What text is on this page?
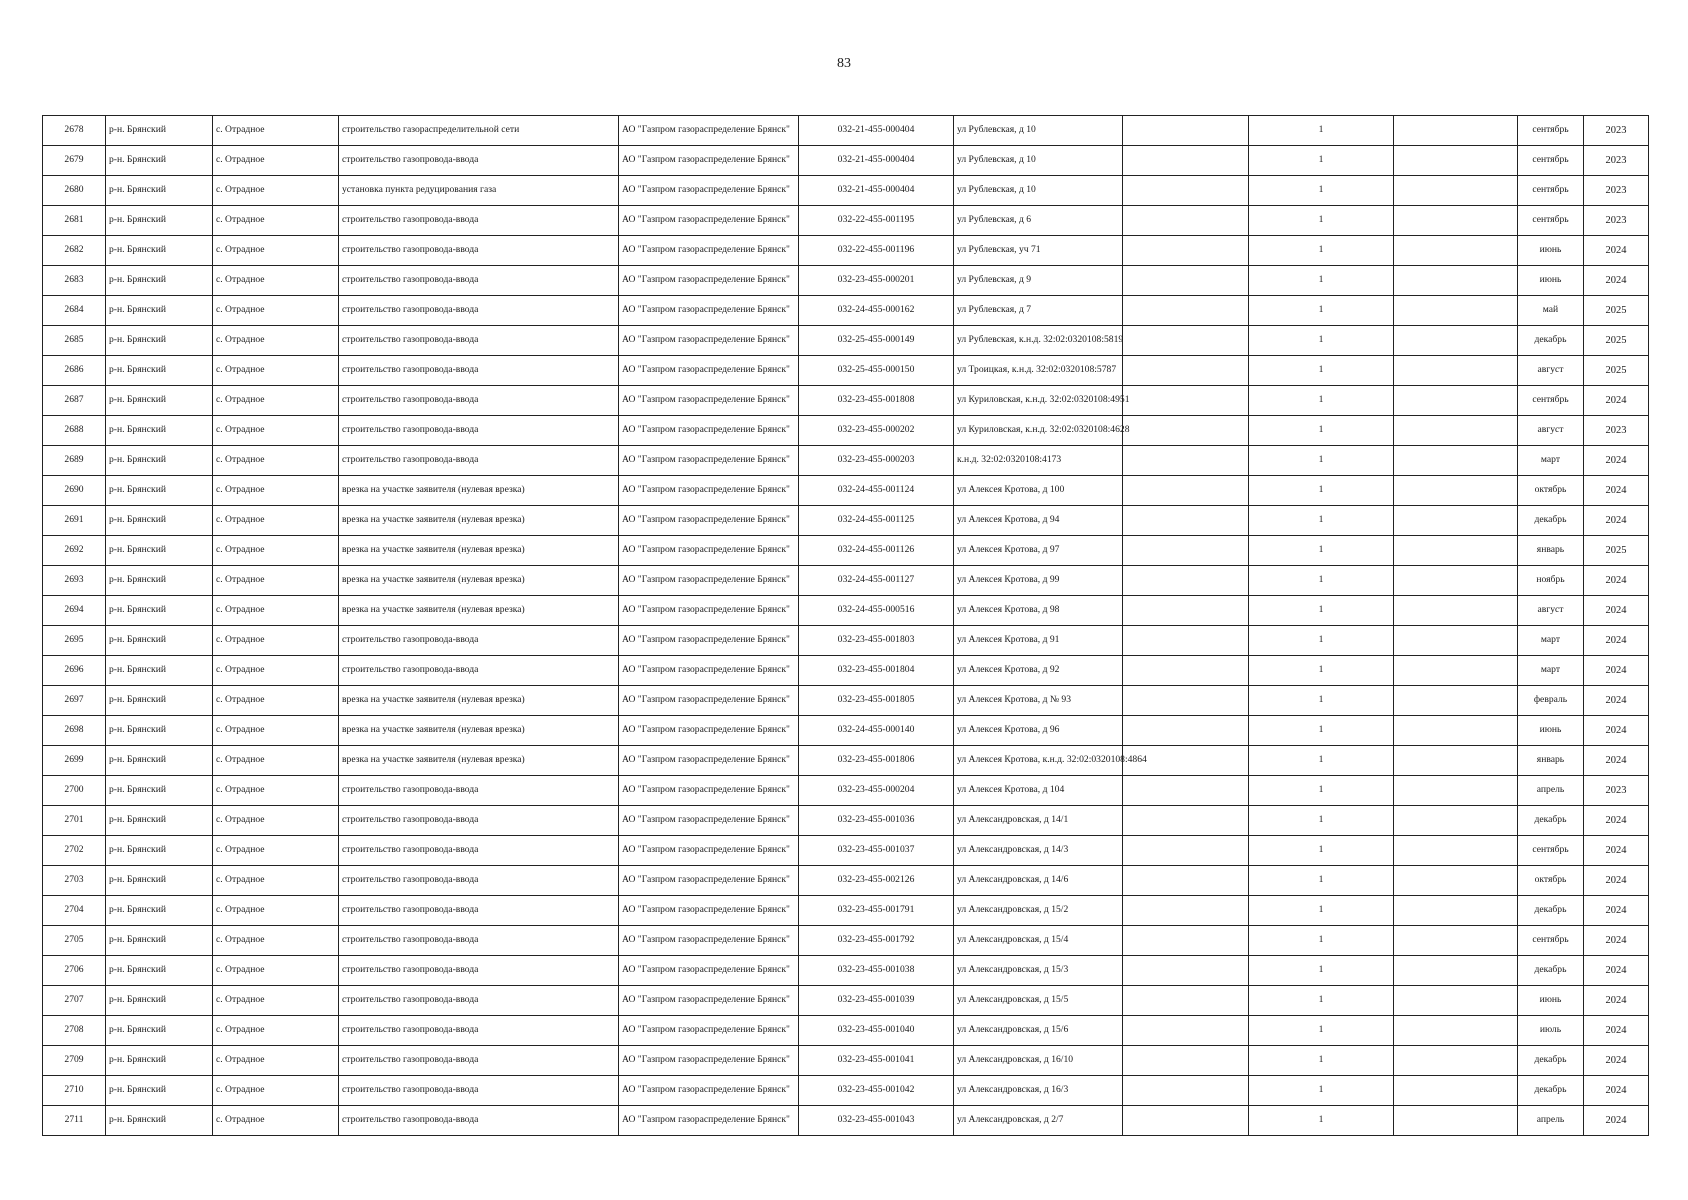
83
2678	р-н. Брянский	с. Отрадное	строительство газораспределительной сети	АО "Газпром газораспределение Брянск"	032-21-455-000404	ул Рублевская, д 10		1		сентябрь	2023
2679	р-н. Брянский	с. Отрадное	строительство газопровода-ввода	АО "Газпром газораспределение Брянск"	032-21-455-000404	ул Рублевская, д 10		1		сентябрь	2023
2680	р-н. Брянский	с. Отрадное	установка пункта редуцирования газа	АО "Газпром газораспределение Брянск"	032-21-455-000404	ул Рублевская, д 10		1		сентябрь	2023
2681	р-н. Брянский	с. Отрадное	строительство газопровода-ввода	АО "Газпром газораспределение Брянск"	032-22-455-001195	ул Рублевская, д 6		1		сентябрь	2023
2682	р-н. Брянский	с. Отрадное	строительство газопровода-ввода	АО "Газпром газораспределение Брянск"	032-22-455-001196	ул Рублевская, уч 71		1		июнь	2024
2683	р-н. Брянский	с. Отрадное	строительство газопровода-ввода	АО "Газпром газораспределение Брянск"	032-23-455-000201	ул Рублевская, д 9		1		июнь	2024
2684	р-н. Брянский	с. Отрадное	строительство газопровода-ввода	АО "Газпром газораспределение Брянск"	032-24-455-000162	ул Рублевская, д 7		1		май	2025
2685	р-н. Брянский	с. Отрадное	строительство газопровода-ввода	АО "Газпром газораспределение Брянск"	032-25-455-000149	ул Рублевская, к.н.д. 32:02:0320108:5819		1		декабрь	2025
2686	р-н. Брянский	с. Отрадное	строительство газопровода-ввода	АО "Газпром газораспределение Брянск"	032-25-455-000150	ул Троицкая, к.н.д. 32:02:0320108:5787		1		август	2025
2687	р-н. Брянский	с. Отрадное	строительство газопровода-ввода	АО "Газпром газораспределение Брянск"	032-23-455-001808	ул Куриловская, к.н.д. 32:02:0320108:4951		1		сентябрь	2024
2688	р-н. Брянский	с. Отрадное	строительство газопровода-ввода	АО "Газпром газораспределение Брянск"	032-23-455-000202	ул Куриловская, к.н.д. 32:02:0320108:4628		1		август	2023
2689	р-н. Брянский	с. Отрадное	строительство газопровода-ввода	АО "Газпром газораспределение Брянск"	032-23-455-000203	к.н.д. 32:02:0320108:4173		1		март	2024
2690	р-н. Брянский	с. Отрадное	врезка на участке заявителя (нулевая врезка)	АО "Газпром газораспределение Брянск"	032-24-455-001124	ул Алексея Кротова, д 100		1		октябрь	2024
2691	р-н. Брянский	с. Отрадное	врезка на участке заявителя (нулевая врезка)	АО "Газпром газораспределение Брянск"	032-24-455-001125	ул Алексея Кротова, д 94		1		декабрь	2024
2692	р-н. Брянский	с. Отрадное	врезка на участке заявителя (нулевая врезка)	АО "Газпром газораспределение Брянск"	032-24-455-001126	ул Алексея Кротова, д 97		1		январь	2025
2693	р-н. Брянский	с. Отрадное	врезка на участке заявителя (нулевая врезка)	АО "Газпром газораспределение Брянск"	032-24-455-001127	ул Алексея Кротова, д 99		1		ноябрь	2024
2694	р-н. Брянский	с. Отрадное	врезка на участке заявителя (нулевая врезка)	АО "Газпром газораспределение Брянск"	032-24-455-000516	ул Алексея Кротова, д 98		1		август	2024
2695	р-н. Брянский	с. Отрадное	строительство газопровода-ввода	АО "Газпром газораспределение Брянск"	032-23-455-001803	ул Алексея Кротова, д 91		1		март	2024
2696	р-н. Брянский	с. Отрадное	строительство газопровода-ввода	АО "Газпром газораспределение Брянск"	032-23-455-001804	ул Алексея Кротова, д 92		1		март	2024
2697	р-н. Брянский	с. Отрадное	врезка на участке заявителя (нулевая врезка)	АО "Газпром газораспределение Брянск"	032-23-455-001805	ул Алексея Кротова, д № 93		1		февраль	2024
2698	р-н. Брянский	с. Отрадное	врезка на участке заявителя (нулевая врезка)	АО "Газпром газораспределение Брянск"	032-24-455-000140	ул Алексея Кротова, д 96		1		июнь	2024
2699	р-н. Брянский	с. Отрадное	врезка на участке заявителя (нулевая врезка)	АО "Газпром газораспределение Брянск"	032-23-455-001806	ул Алексея Кротова, к.н.д. 32:02:0320108:4864		1		январь	2024
2700	р-н. Брянский	с. Отрадное	строительство газопровода-ввода	АО "Газпром газораспределение Брянск"	032-23-455-000204	ул Алексея Кротова, д 104		1		апрель	2023
2701	р-н. Брянский	с. Отрадное	строительство газопровода-ввода	АО "Газпром газораспределение Брянск"	032-23-455-001036	ул Александровская, д 14/1		1		декабрь	2024
2702	р-н. Брянский	с. Отрадное	строительство газопровода-ввода	АО "Газпром газораспределение Брянск"	032-23-455-001037	ул Александровская, д 14/3		1		сентябрь	2024
2703	р-н. Брянский	с. Отрадное	строительство газопровода-ввода	АО "Газпром газораспределение Брянск"	032-23-455-002126	ул Александровская, д 14/6		1		октябрь	2024
2704	р-н. Брянский	с. Отрадное	строительство газопровода-ввода	АО "Газпром газораспределение Брянск"	032-23-455-001791	ул Александровская, д 15/2		1		декабрь	2024
2705	р-н. Брянский	с. Отрадное	строительство газопровода-ввода	АО "Газпром газораспределение Брянск"	032-23-455-001792	ул Александровская, д 15/4		1		сентябрь	2024
2706	р-н. Брянский	с. Отрадное	строительство газопровода-ввода	АО "Газпром газораспределение Брянск"	032-23-455-001038	ул Александровская, д 15/3		1		декабрь	2024
2707	р-н. Брянский	с. Отрадное	строительство газопровода-ввода	АО "Газпром газораспределение Брянск"	032-23-455-001039	ул Александровская, д 15/5		1		июнь	2024
2708	р-н. Брянский	с. Отрадное	строительство газопровода-ввода	АО "Газпром газораспределение Брянск"	032-23-455-001040	ул Александровская, д 15/6		1		июль	2024
2709	р-н. Брянский	с. Отрадное	строительство газопровода-ввода	АО "Газпром газораспределение Брянск"	032-23-455-001041	ул Александровская, д 16/10		1		декабрь	2024
2710	р-н. Брянский	с. Отрадное	строительство газопровода-ввода	АО "Газпром газораспределение Брянск"	032-23-455-001042	ул Александровская, д 16/3		1		декабрь	2024
2711	р-н. Брянский	с. Отрадное	строительство газопровода-ввода	АО "Газпром газораспределение Брянск"	032-23-455-001043	ул Александровская, д 2/7		1		апрель	2024
